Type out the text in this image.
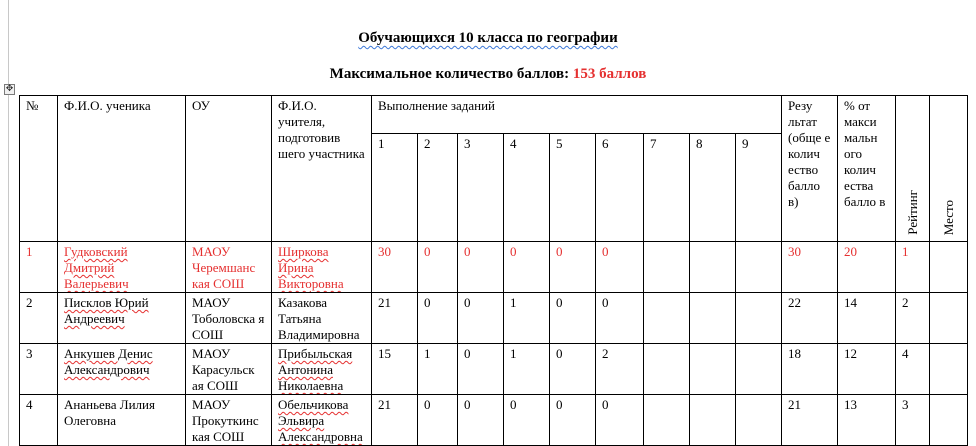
Обучающихся 10 класса по географии
Максимальное количество баллов: 153 баллов
✥
№	Ф.И.О. ученика	ОУ	Ф.И.О. учителя, подготовив шего участника	Выполнение заданий									Резу льтат (обще е колич ество балло в)	% от макси мальн ого колич ества балло в	Рейтинг	Место

				1	2	3	4	5	6	7	8	9				
1	Гудковский Дмитрий Валерьевич	МАОУ Черемшанс кая СОШ	Ширкова Ирина Викторовна	30	0	0	0	0	0				30	20	1	
2	Писклов Юрий Андреевич	МАОУ Тоболовска я СОШ	Казакова Татьяна Владимировна	21	0	0	1	0	0				22	14	2	
3	Анкушев Денис Александрович	МАОУ Карасульск ая СОШ	Прибыльская Антонина Николаевна	15	1	0	1	0	2				18	12	4	
4	Ананьева Лилия Олеговна	МАОУ Прокуткинс кая СОШ	Обельчикова Эльвира Александровна	21	0	0	0	0	0				21	13	3	
